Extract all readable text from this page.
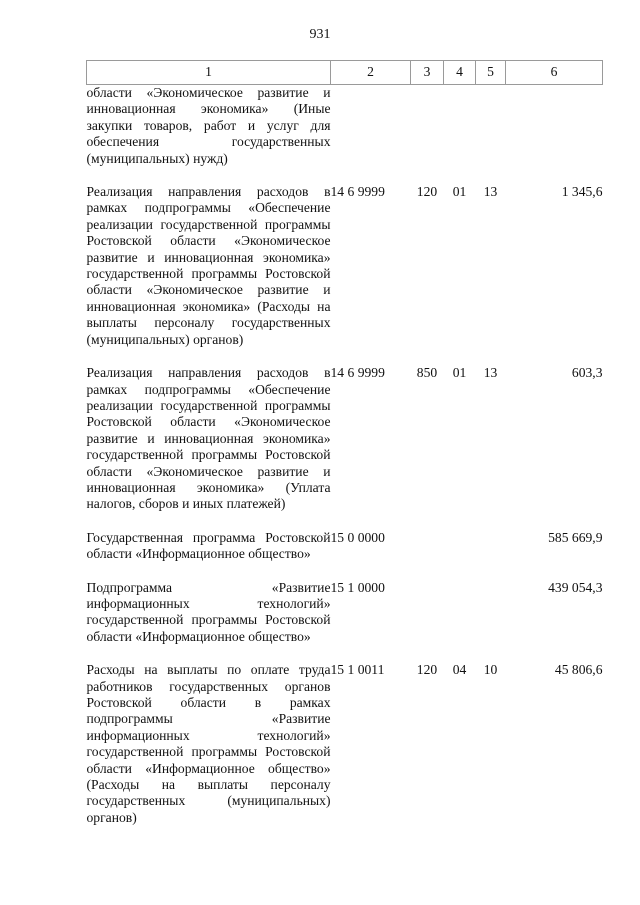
931
1	2	3	4	5	6
области «Экономическое развитие и инновационная экономика» (Иные закупки товаров, работ и услуг для обеспечения государственных (муниципальных) нужд)					

Реализация направления расходов в рамках подпрограммы «Обеспечение реализации государственной программы Ростовской области «Экономическое развитие и инновационная экономика» государственной программы Ростовской области «Экономическое развитие и инновационная экономика» (Расходы на выплаты персоналу государственных (муниципальных) органов)	14 6 9999	120	01	13	1 345,6

Реализация направления расходов в рамках подпрограммы «Обеспечение реализации государственной программы Ростовской области «Экономическое развитие и инновационная экономика» государственной программы Ростовской области «Экономическое развитие и инновационная экономика» (Уплата налогов, сборов и иных платежей)	14 6 9999	850	01	13	603,3

Государственная программа Ростовской области «Информационное общество»	15 0 0000				585 669,9

Подпрограмма «Развитие информационных технологий» государственной программы Ростовской области «Информационное общество»	15 1 0000				439 054,3

Расходы на выплаты по оплате труда работников государственных органов Ростовской области в рамках подпрограммы «Развитие информационных технологий» государственной программы Ростовской области «Информационное общество» (Расходы на выплаты персоналу государственных (муниципальных) органов)	15 1 0011	120	04	10	45 806,6
